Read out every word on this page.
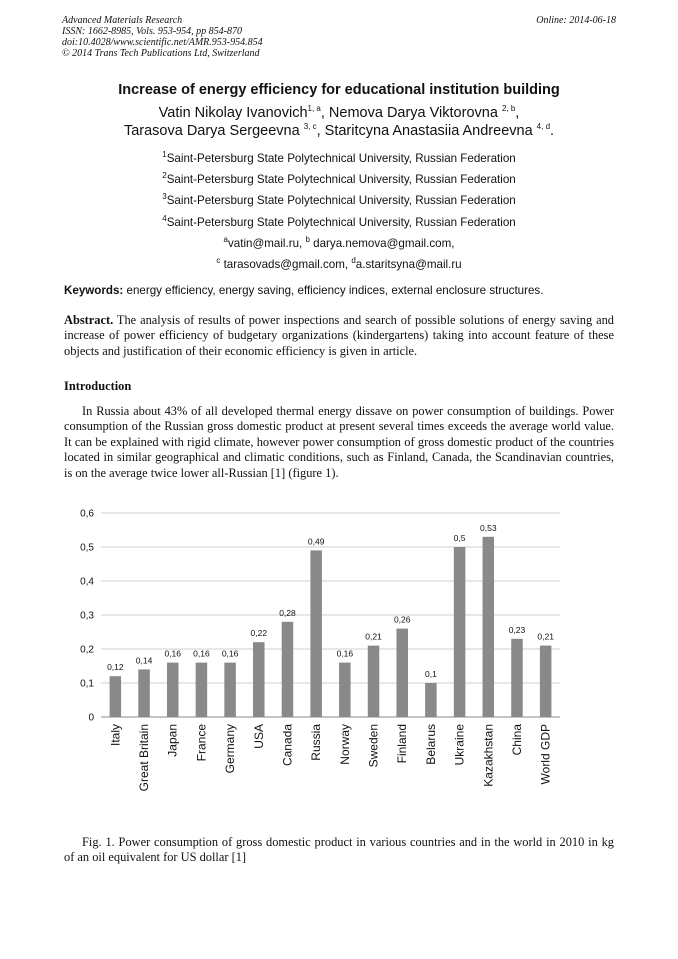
Advanced Materials Research
ISSN: 1662-8985, Vols. 953-954, pp 854-870
doi:10.4028/www.scientific.net/AMR.953-954.854
© 2014 Trans Tech Publications Ltd, Switzerland
Online: 2014-06-18
Increase of energy efficiency for educational institution building
Vatin Nikolay Ivanovich$^{1, a}$, Nemova Darya Viktorovna $^{2, b}$,
Tarasova Darya Sergeevna $^{3, c}$, Staritcyna Anastasiia Andreevna $^{4, d}$.
$^1$Saint-Petersburg State Polytechnical University, Russian Federation
$^2$Saint-Petersburg State Polytechnical University, Russian Federation
$^3$Saint-Petersburg State Polytechnical University, Russian Federation
$^4$Saint-Petersburg State Polytechnical University, Russian Federation
$^a$vatin@mail.ru, $^b$ darya.nemova@gmail.com,
$^c$ tarasovads@gmail.com, $^d$a.staritsyna@mail.ru
Keywords: energy efficiency, energy saving, efficiency indices, external enclosure structures.
Abstract. The analysis of results of power inspections and search of possible solutions of energy saving and increase of power efficiency of budgetary organizations (kindergartens) taking into account feature of these objects and justification of their economic efficiency is given in article.
Introduction
In Russia about 43% of all developed thermal energy dissave on power consumption of buildings. Power consumption of the Russian gross domestic product at present several times exceeds the average world value. It can be explained with rigid climate, however power consumption of gross domestic product of the countries located in similar geographical and climatic conditions, such as Finland, Canada, the Scandinavian countries, is on the average twice lower all-Russian [1] (figure 1).
0,12
0,14
0,16 0,16 0,16
0,22
0,28
0,49
0,16
0,21
0,26
0,1
0,5
0,53
0,23
0,21
0
0,1
0,2
0,3
0,4
0,5
0,6
Italy Great Britain Japan France Germany USA Canada Russia Norway Sweden Finland Belarus Ukraine Kazakhstan China World GDP
Fig. 1. Power consumption of gross domestic product in various countries and in the world in 2010 in kg of an oil equivalent for US dollar [1]
